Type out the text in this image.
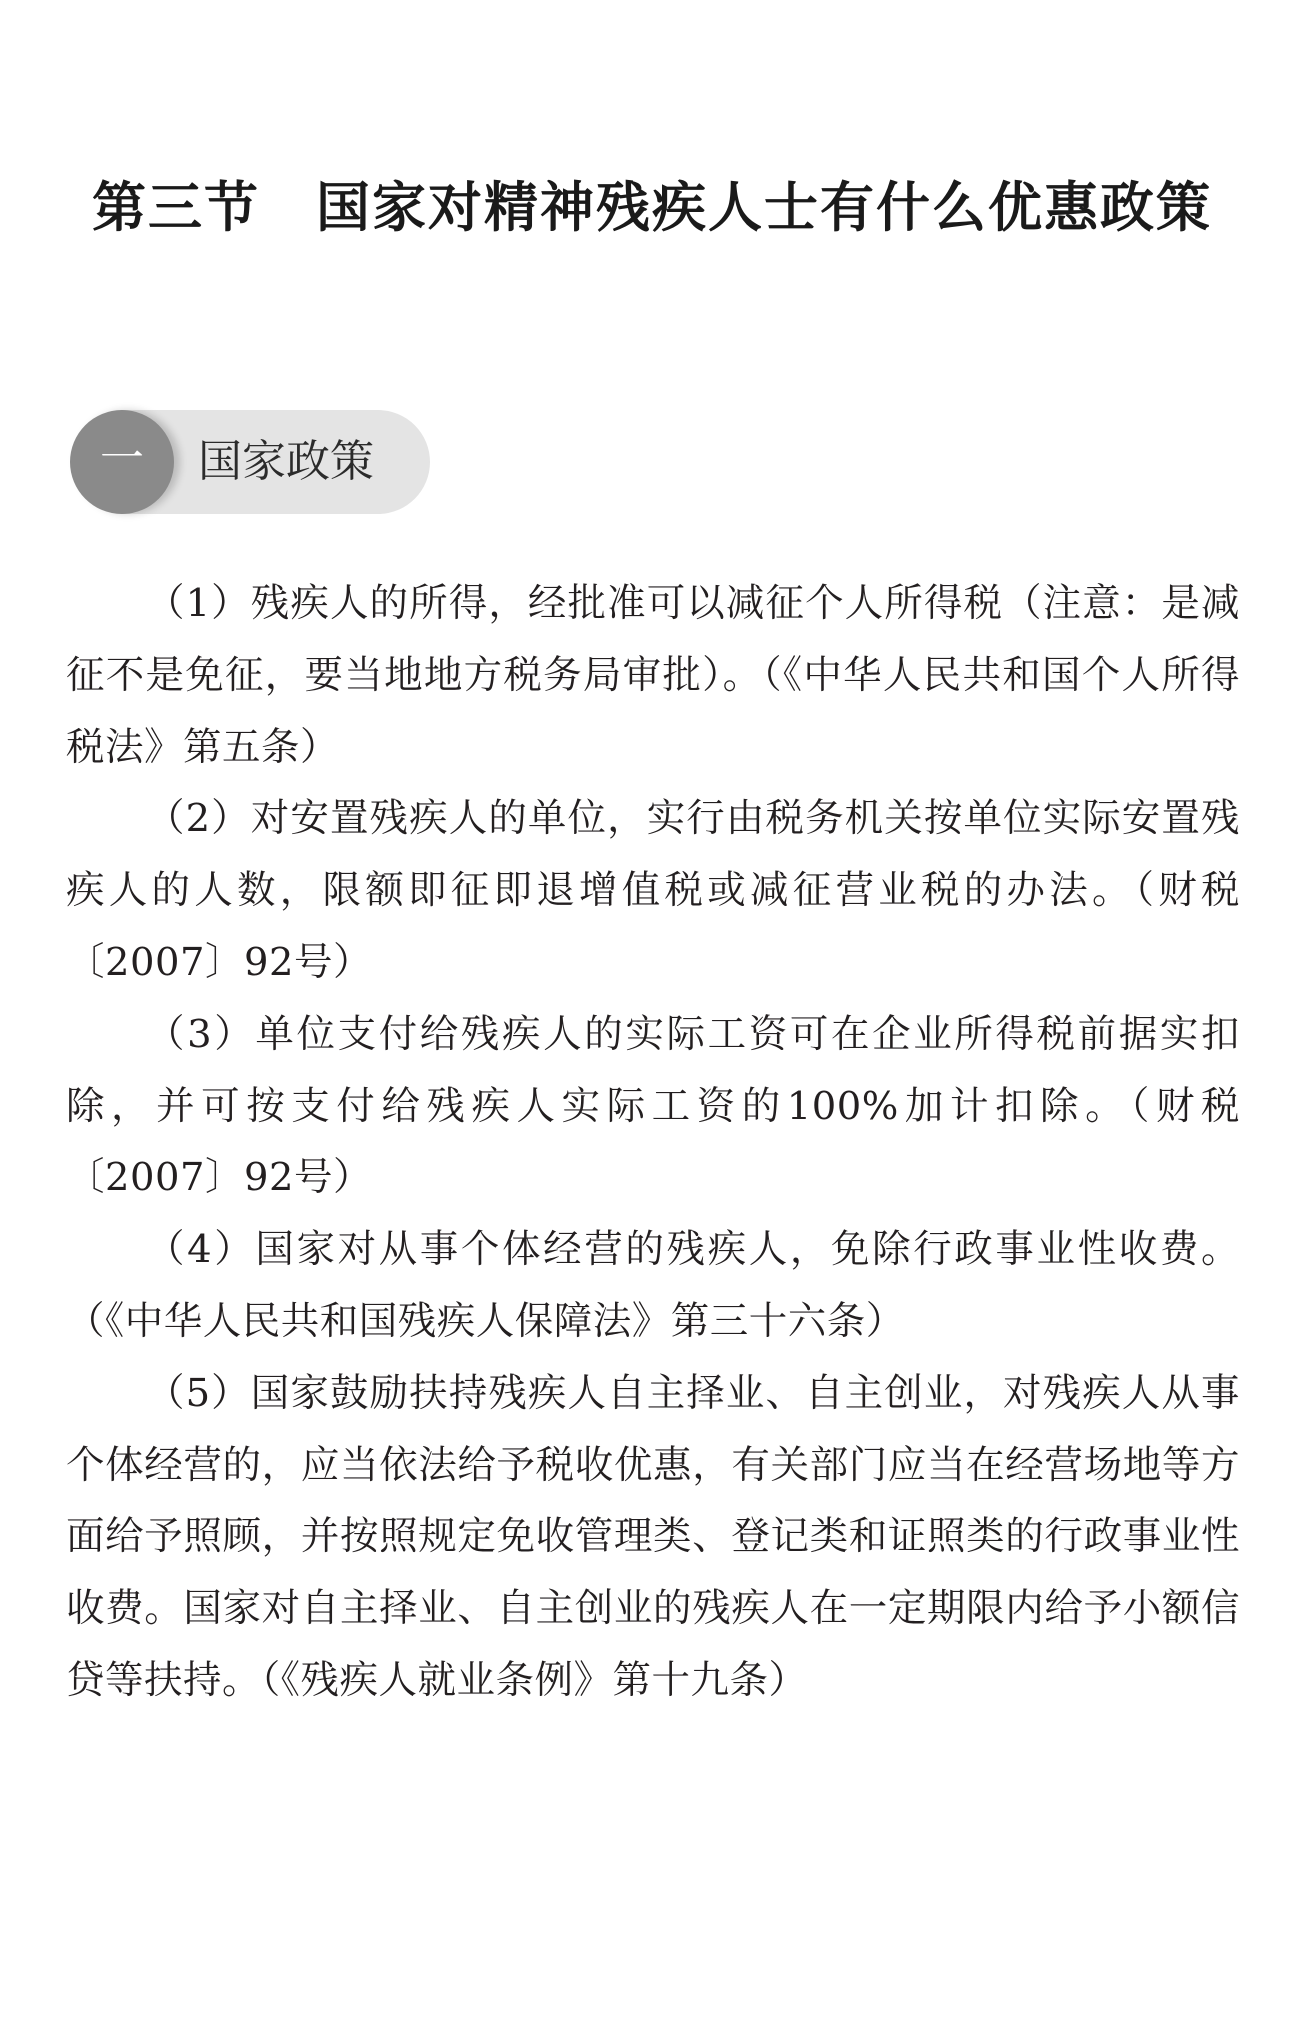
第三节　国家对精神残疾人士有什么优惠政策
一 国家政策

（1）残疾人的所得，经批准可以减征个人所得税（注意：是减征不是免征，要当地地方税务局审批）。（《中华人民共和国个人所得税法》第五条）

（2）对安置残疾人的单位，实行由税务机关按单位实际安置残疾人的人数，限额即征即退增值税或减征营业税的办法。（财税〔2007〕92号）

（3）单位支付给残疾人的实际工资可在企业所得税前据实扣除，并可按支付给残疾人实际工资的100%加计扣除。（财税〔2007〕92号）

（4）国家对从事个体经营的残疾人，免除行政事业性收费。（《中华人民共和国残疾人保障法》第三十六条）

（5）国家鼓励扶持残疾人自主择业、自主创业，对残疾人从事个体经营的，应当依法给予税收优惠，有关部门应当在经营场地等方面给予照顾，并按照规定免收管理类、登记类和证照类的行政事业性收费。国家对自主择业、自主创业的残疾人在一定期限内给予小额信贷等扶持。（《残疾人就业条例》第十九条）
